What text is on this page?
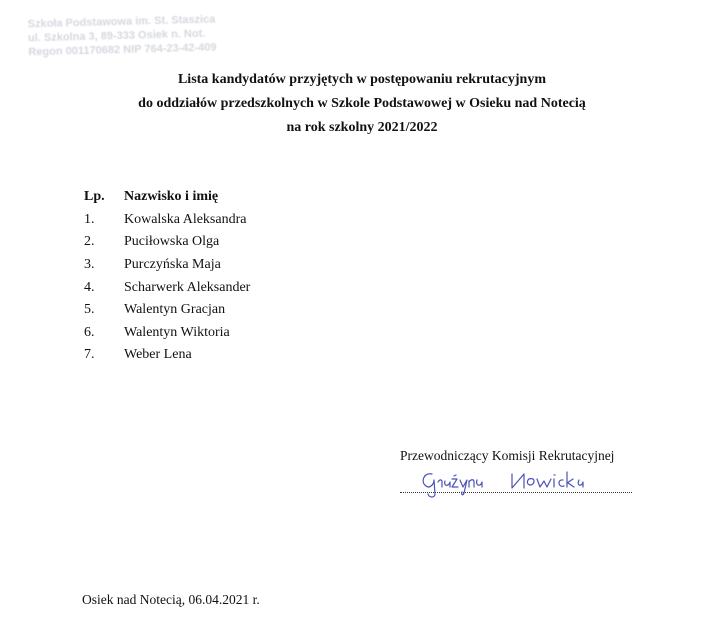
Szkoła Podstawowa im. St. Staszica
ul. Szkolna 3, 89-333 Osiek n. Not.
Regon 001170682 NIP 764-23-42-409
Lista kandydatów przyjętych w postępowaniu rekrutacyjnym
do oddziałów przedszkolnych w Szkole Podstawowej w Osieku nad Notecią
na rok szkolny 2021/2022
Lp.	Nazwisko i imię
1.	Kowalska Aleksandra
2.	Puciłowska Olga
3.	Purczyńska Maja
4.	Scharwerk Aleksander
5.	Walentyn Gracjan
6.	Walentyn Wiktoria
7.	Weber Lena
Przewodniczący Komisji Rekrutacyjnej
Osiek nad Notecią, 06.04.2021 r.
